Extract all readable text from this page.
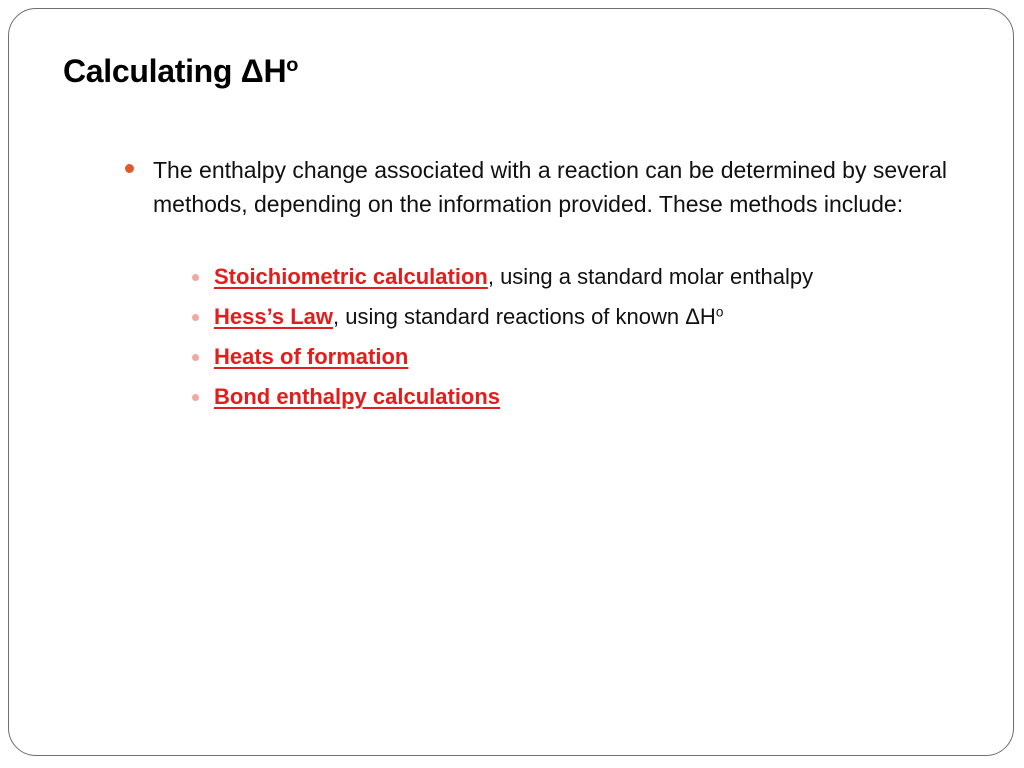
Calculating $\Delta H^o$
The enthalpy change associated with a reaction can be determined by several methods, depending on the information provided. These methods include:
Stoichiometric calculation, using a standard molar enthalpy
Hess’s Law, using standard reactions of known $\Delta H^o$
Heats of formation
Bond enthalpy calculations
